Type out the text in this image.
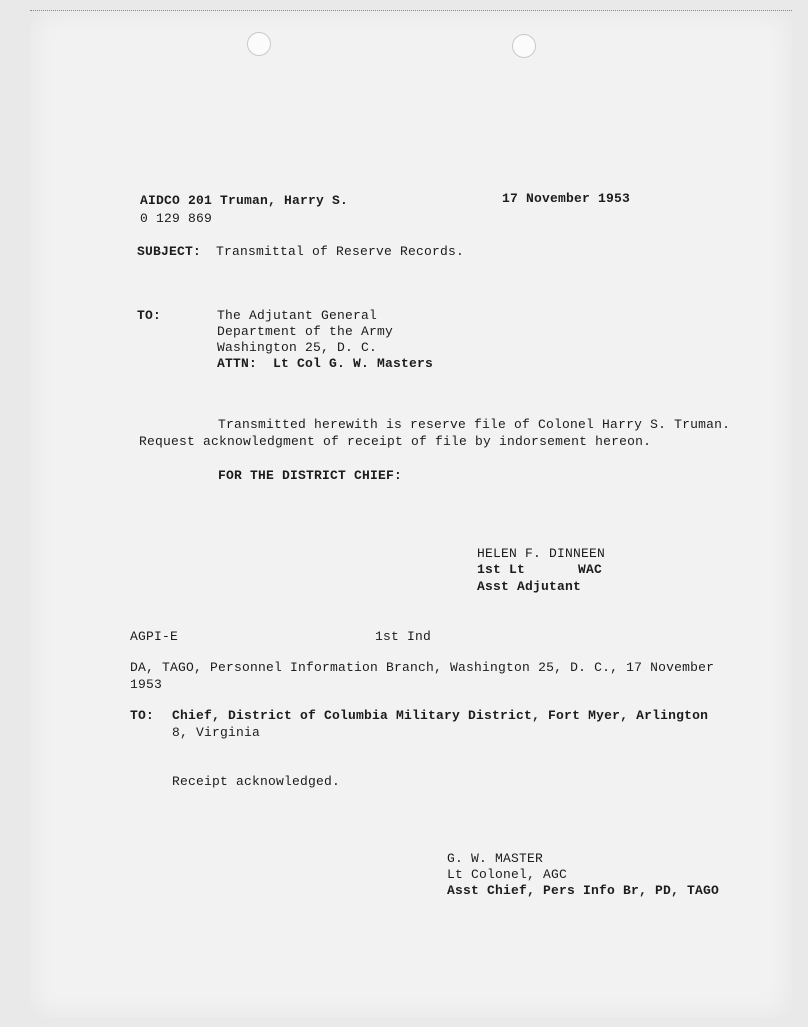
AIDCO 201 Truman, Harry S.
0 129 869
17 November 1953
SUBJECT: Transmittal of Reserve Records.
TO:	The Adjutant General
Department of the Army
Washington 25, D. C.
ATTN:  Lt Col G. W. Masters
Transmitted herewith is reserve file of Colonel Harry S. Truman.
Request acknowledgment of receipt of file by indorsement hereon.
FOR THE DISTRICT CHIEF:
HELEN F. DINNEEN
1st Lt	WAC
Asst Adjutant
AGPI-E	1st Ind
DA, TAGO, Personnel Information Branch, Washington 25, D. C., 17 November
1953
TO: Chief, District of Columbia Military District, Fort Myer, Arlington
8, Virginia
Receipt acknowledged.
G. W. MASTER
Lt Colonel, AGC
Asst Chief, Pers Info Br, PD, TAGO
